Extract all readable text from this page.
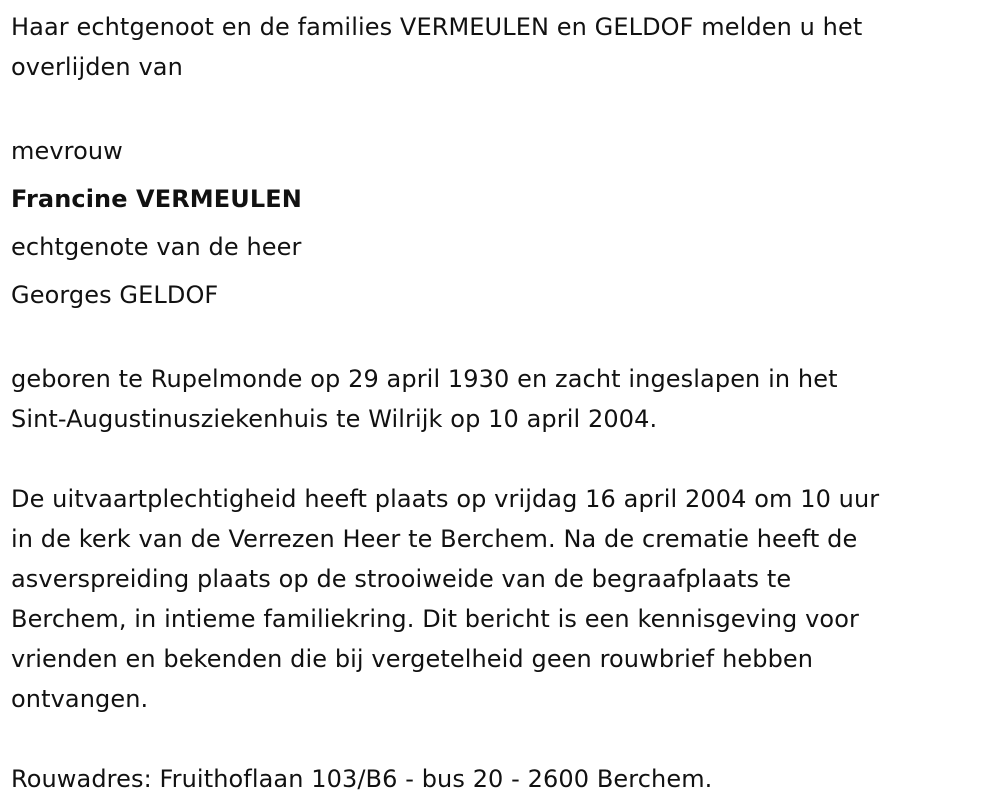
Haar echtgenoot en de families VERMEULEN en GELDOF melden u het

overlijden van

mevrouw

Francine VERMEULEN

echtgenote van de heer

Georges GELDOF

geboren te Rupelmonde op 29 april 1930 en zacht ingeslapen in het

Sint-Augustinusziekenhuis te Wilrijk op 10 april 2004.

De uitvaartplechtigheid heeft plaats op vrijdag 16 april 2004 om 10 uur

in de kerk van de Verrezen Heer te Berchem. Na de crematie heeft de

asverspreiding plaats op de strooiweide van de begraafplaats te

Berchem, in intieme familiekring. Dit bericht is een kennisgeving voor

vrienden en bekenden die bij vergetelheid geen rouwbrief hebben

ontvangen.

Rouwadres: Fruithoflaan 103/B6 - bus 20 - 2600 Berchem.
